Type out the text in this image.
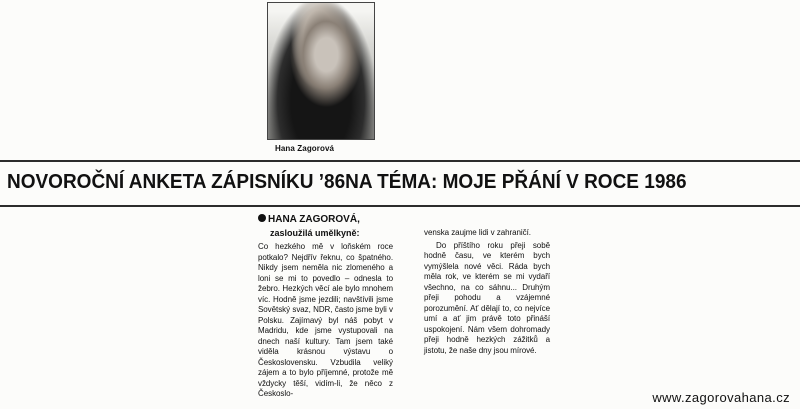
Hana Zagorová
NOVOROČNÍ ANKETA ZÁPISNÍKU ’86NA TÉMA: MOJE PŘÁNÍ V ROCE 1986
HANA ZAGOROVÁ,
zasloužilá umělkyně:

Co hezkého mě v loňském roce potkalo? Nejdřív řeknu, co špatného. Nikdy jsem neměla nic zlomeného a loni se mi to povedlo – odnesla to žebro. Hezkých věcí ale bylo mnohem víc. Hodně jsme jezdili; navštívili jsme Sovětský svaz, NDR, často jsme byli v Polsku. Zajímavý byl náš pobyt v Madridu, kde jsme vystupovali na dnech naší kultury. Tam jsem také viděla krásnou výstavu o Československu. Vzbudila veliký zájem a to bylo příjemné, protože mě vždycky těší, vidím-li, že něco z Českoslo-

venska zaujme lidi v zahraničí.

Do příštího roku přeji sobě hodně času, ve kterém bych vymýšlela nové věci. Ráda bych měla rok, ve kterém se mi vydaří všechno, na co sáhnu... Druhým přeji pohodu a vzájemné porozumění. Ať dělají to, co nejvíce umí a ať jim právě toto přináší uspokojení. Nám všem dohromady přeji hodně hezkých zážitků a jistotu, že naše dny jsou mírové.

www.zagorovahana.cz
